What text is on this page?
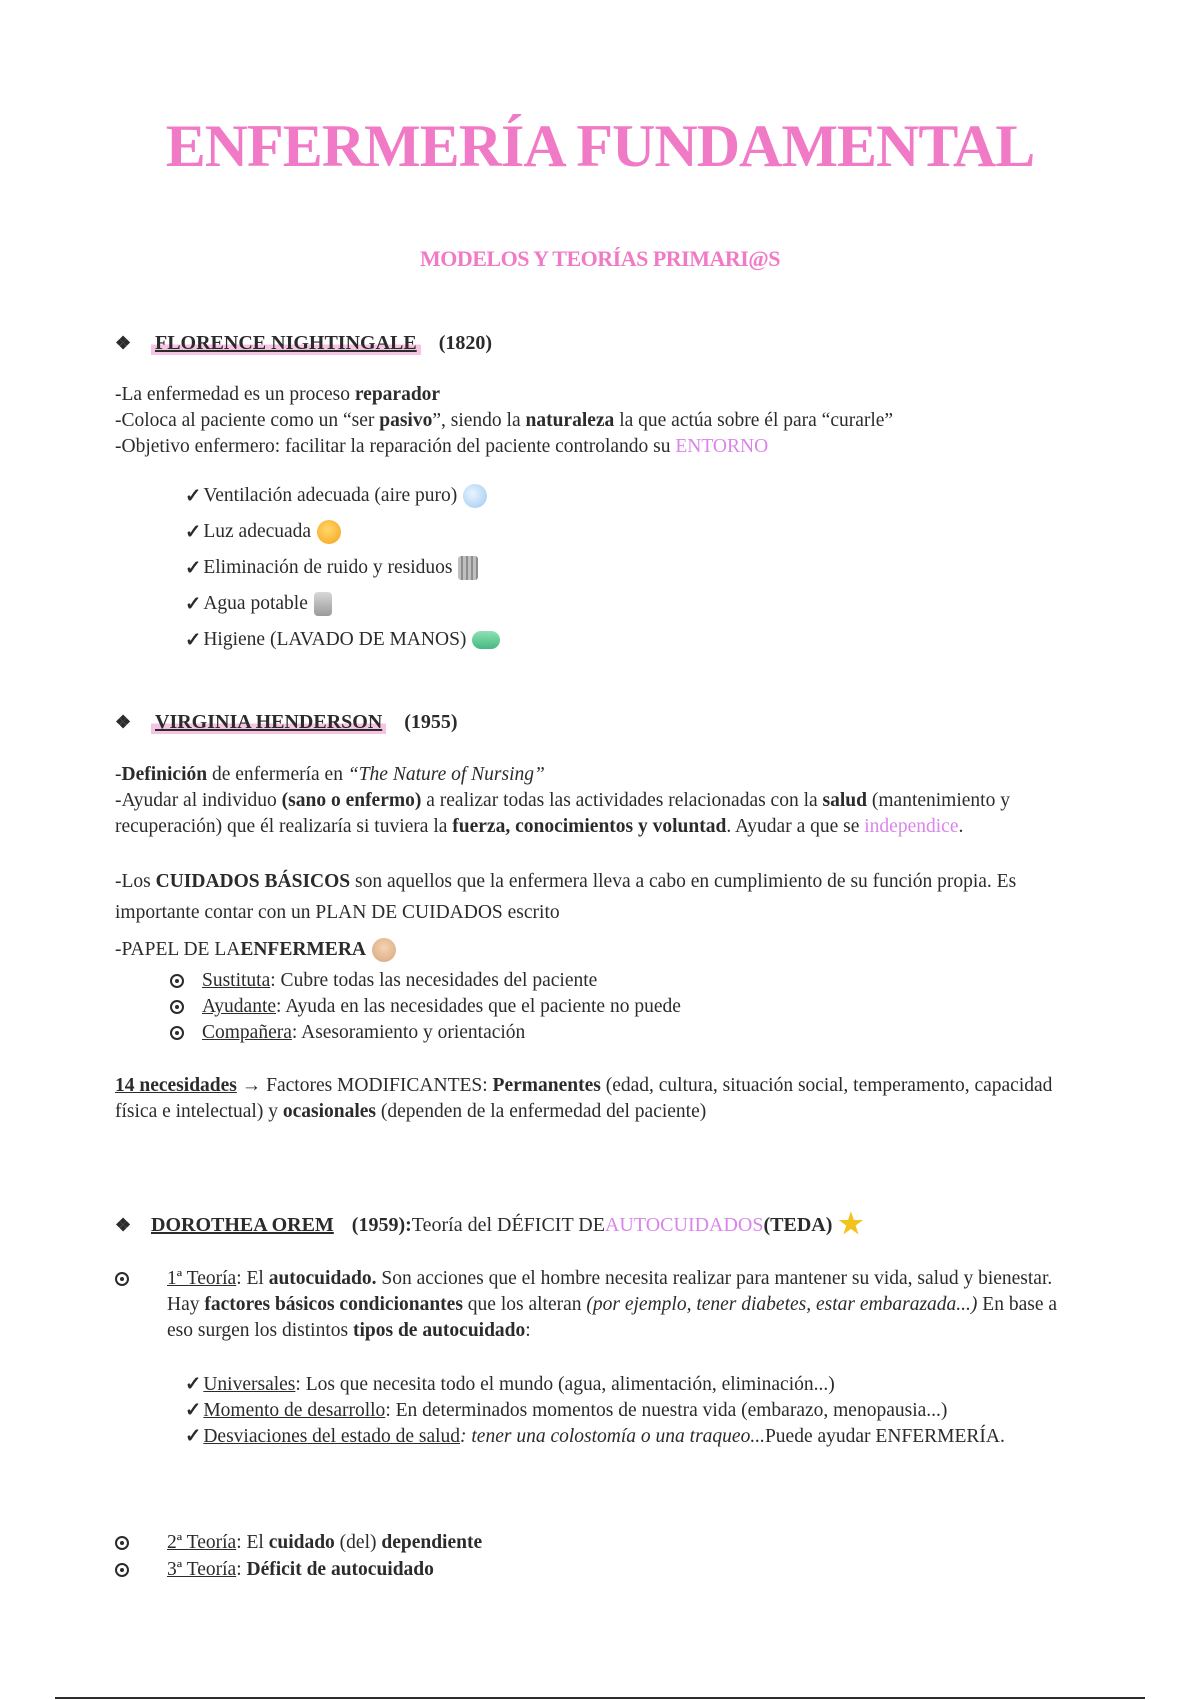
ENFERMERÍA FUNDAMENTAL
MODELOS Y TEORÍAS PRIMARI@S
❖	FLORENCE NIGHTINGALE (1820)

-La enfermedad es un proceso reparador

-Coloca al paciente como un “ser pasivo”, siendo la naturaleza la que actúa sobre él para “curarle”

-Objetivo enfermero: facilitar la reparación del paciente controlando su ENTORNO

✓ Ventilación adecuada (aire puro)
✓ Luz adecuada
✓ Eliminación de ruido y residuos
✓ Agua potable
✓ Higiene (LAVADO DE MANOS)
❖	VIRGINIA HENDERSON (1955)

-Definición de enfermería en “The Nature of Nursing”

-Ayudar al individuo (sano o enfermo) a realizar todas las actividades relacionadas con la salud (mantenimiento y recuperación) que él realizaría si tuviera la fuerza, conocimientos y voluntad. Ayudar a que se independice.

-Los CUIDADOS BÁSICOS son aquellos que la enfermera lleva a cabo en cumplimiento de su función propia. Es importante contar con un PLAN DE CUIDADOS escrito

-PAPEL DE LA ENFERMERA
Sustituta : Cubre todas las necesidades del paciente
Ayudante : Ayuda en las necesidades que el paciente no puede
Compañera : Asesoramiento y orientación

14 necesidades → Factores MODIFICANTES: Permanentes (edad, cultura, situación social, temperamento, capacidad física e intelectual) y ocasionales (dependen de la enfermedad del paciente)

❖ DOROTHEA OREM (1959): Teoría del DÉFICIT DE AUTOCUIDADOS (TEDA) ★
1ª Teoría: El autocuidado. Son acciones que el hombre necesita realizar para mantener su vida, salud y bienestar. Hay factores básicos condicionantes que los alteran (por ejemplo, tener diabetes, estar embarazada...) En base a eso surgen los distintos tipos de autocuidado:
✓ Universales: Los que necesita todo el mundo (agua, alimentación, eliminación...)
✓ Momento de desarrollo: En determinados momentos de nuestra vida (embarazo, menopausia...)
✓ Desviaciones del estado de salud: tener una colostomía o una traqueo...Puede ayudar ENFERMERÍA.
2ª Teoría: El cuidado (del) dependiente
3ª Teoría: Déficit de autocuidado
